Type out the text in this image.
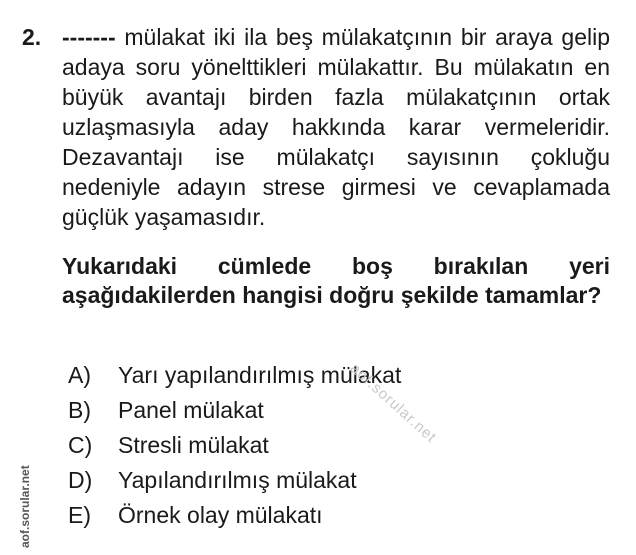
2. ------- mülakat iki ila beş mülakatçının bir araya gelip adaya soru yönelttikleri mülakattır. Bu mülakatın en büyük avantajı birden fazla mülakatçının ortak uzlaşmasıyla aday hakkında karar vermeleridir. Dezavantajı ise mülakatçı sayısının çokluğu nedeniyle adayın strese girmesi ve cevaplamada güçlük yaşamasıdır.
Yukarıdaki cümlede boş bırakılan yeri aşağıdakilerden hangisi doğru şekilde tamamlar?
A)	Yarı yapılandırılmış mülakat
B)	Panel mülakat
C)	Stresli mülakat
D)	Yapılandırılmış mülakat
E)	Örnek olay mülakatı
aof.sorular.net
aof.sorular.net
